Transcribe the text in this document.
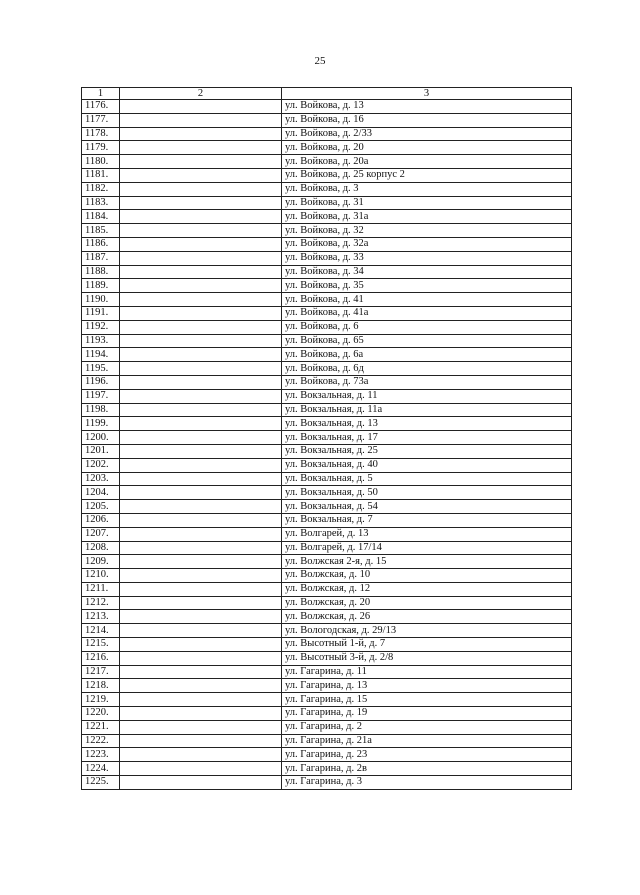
25
1	2	3
1176.		ул. Войкова, д. 13
1177.		ул. Войкова, д. 16
1178.		ул. Войкова, д. 2/33
1179.		ул. Войкова, д. 20
1180.		ул. Войкова, д. 20а
1181.		ул. Войкова, д. 25 корпус 2
1182.		ул. Войкова, д. 3
1183.		ул. Войкова, д. 31
1184.		ул. Войкова, д. 31а
1185.		ул. Войкова, д. 32
1186.		ул. Войкова, д. 32а
1187.		ул. Войкова, д. 33
1188.		ул. Войкова, д. 34
1189.		ул. Войкова, д. 35
1190.		ул. Войкова, д. 41
1191.		ул. Войкова, д. 41а
1192.		ул. Войкова, д. 6
1193.		ул. Войкова, д. 65
1194.		ул. Войкова, д. 6а
1195.		ул. Войкова, д. 6д
1196.		ул. Войкова, д. 73а
1197.		ул. Вокзальная, д. 11
1198.		ул. Вокзальная, д. 11а
1199.		ул. Вокзальная, д. 13
1200.		ул. Вокзальная, д. 17
1201.		ул. Вокзальная, д. 25
1202.		ул. Вокзальная, д. 40
1203.		ул. Вокзальная, д. 5
1204.		ул. Вокзальная, д. 50
1205.		ул. Вокзальная, д. 54
1206.		ул. Вокзальная, д. 7
1207.		ул. Волгарей, д. 13
1208.		ул. Волгарей, д. 17/14
1209.		ул. Волжская 2-я, д. 15
1210.		ул. Волжская, д. 10
1211.		ул. Волжская, д. 12
1212.		ул. Волжская, д. 20
1213.		ул. Волжская, д. 26
1214.		ул. Вологодская, д. 29/13
1215.		ул. Высотный 1-й, д. 7
1216.		ул. Высотный 3-й, д. 2/8
1217.		ул. Гагарина, д. 11
1218.		ул. Гагарина, д. 13
1219.		ул. Гагарина, д. 15
1220.		ул. Гагарина, д. 19
1221.		ул. Гагарина, д. 2
1222.		ул. Гагарина, д. 21а
1223.		ул. Гагарина, д. 23
1224.		ул. Гагарина, д. 2в
1225.		ул. Гагарина, д. 3
